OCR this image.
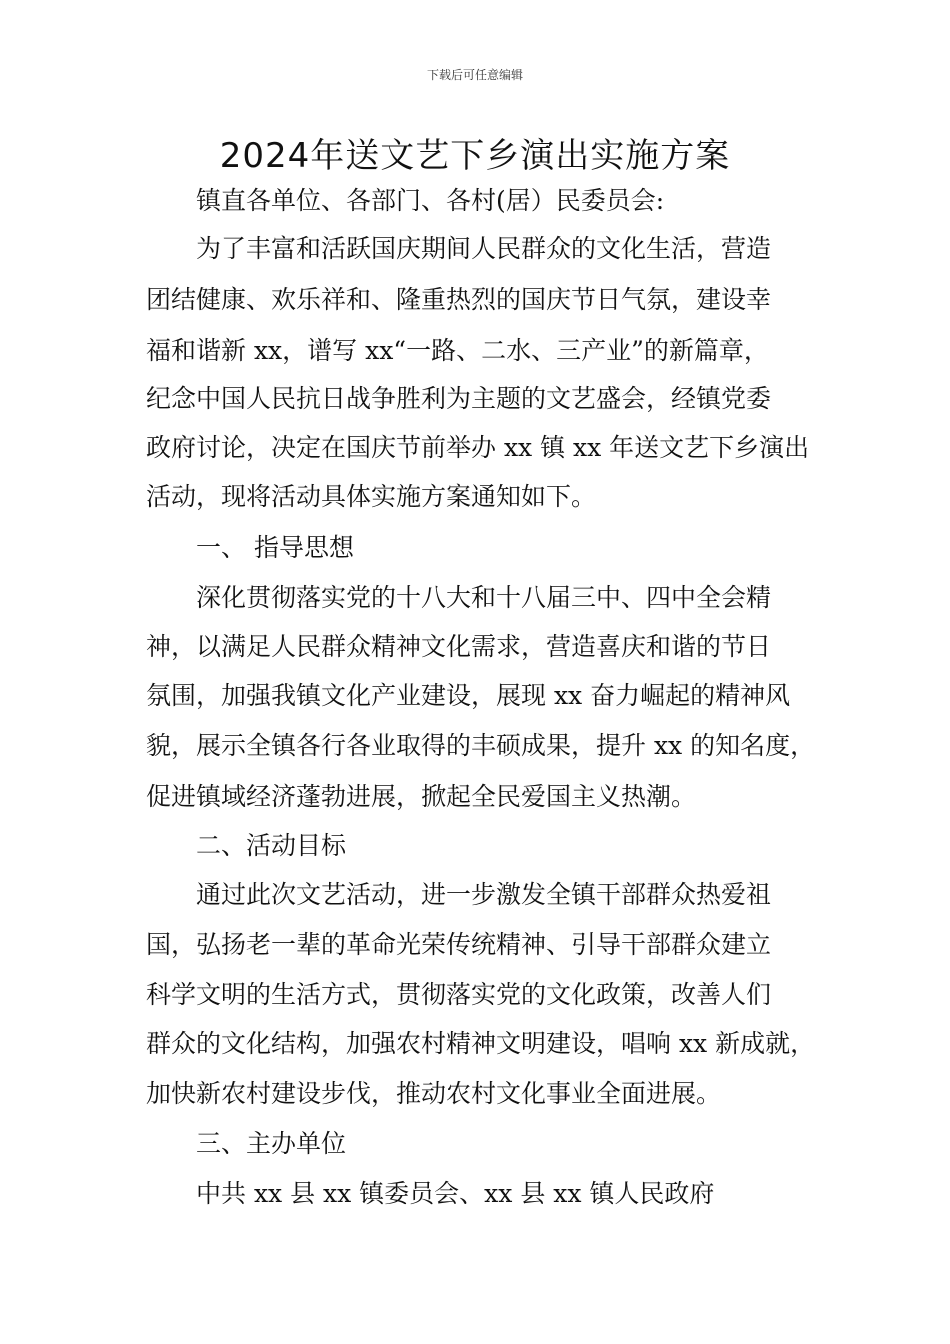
下载后可任意编辑
2024年送文艺下乡演出实施方案
镇直各单位、各部门、各村(居）民委员会:
为了丰富和活跃国庆期间人民群众的文化生活，营造
团结健康、欢乐祥和、隆重热烈的国庆节日气氛，建设幸
福和谐新 xx，谱写 xx“一路、二水、三产业”的新篇章，
纪念中国人民抗日战争胜利为主题的文艺盛会，经镇党委
政府讨论，决定在国庆节前举办 xx 镇 xx 年送文艺下乡演出
活动，现将活动具体实施方案通知如下。
一、 指导思想
深化贯彻落实党的十八大和十八届三中、四中全会精
神，以满足人民群众精神文化需求，营造喜庆和谐的节日
氛围，加强我镇文化产业建设，展现 xx 奋力崛起的精神风
貌，展示全镇各行各业取得的丰硕成果，提升 xx 的知名度，
促进镇域经济蓬勃进展，掀起全民爱国主义热潮。
二、活动目标
通过此次文艺活动，进一步激发全镇干部群众热爱祖
国，弘扬老一辈的革命光荣传统精神、引导干部群众建立
科学文明的生活方式，贯彻落实党的文化政策，改善人们
群众的文化结构，加强农村精神文明建设，唱响 xx 新成就，
加快新农村建设步伐，推动农村文化事业全面进展。
三、主办单位
中共 xx 县 xx 镇委员会、xx 县 xx 镇人民政府
